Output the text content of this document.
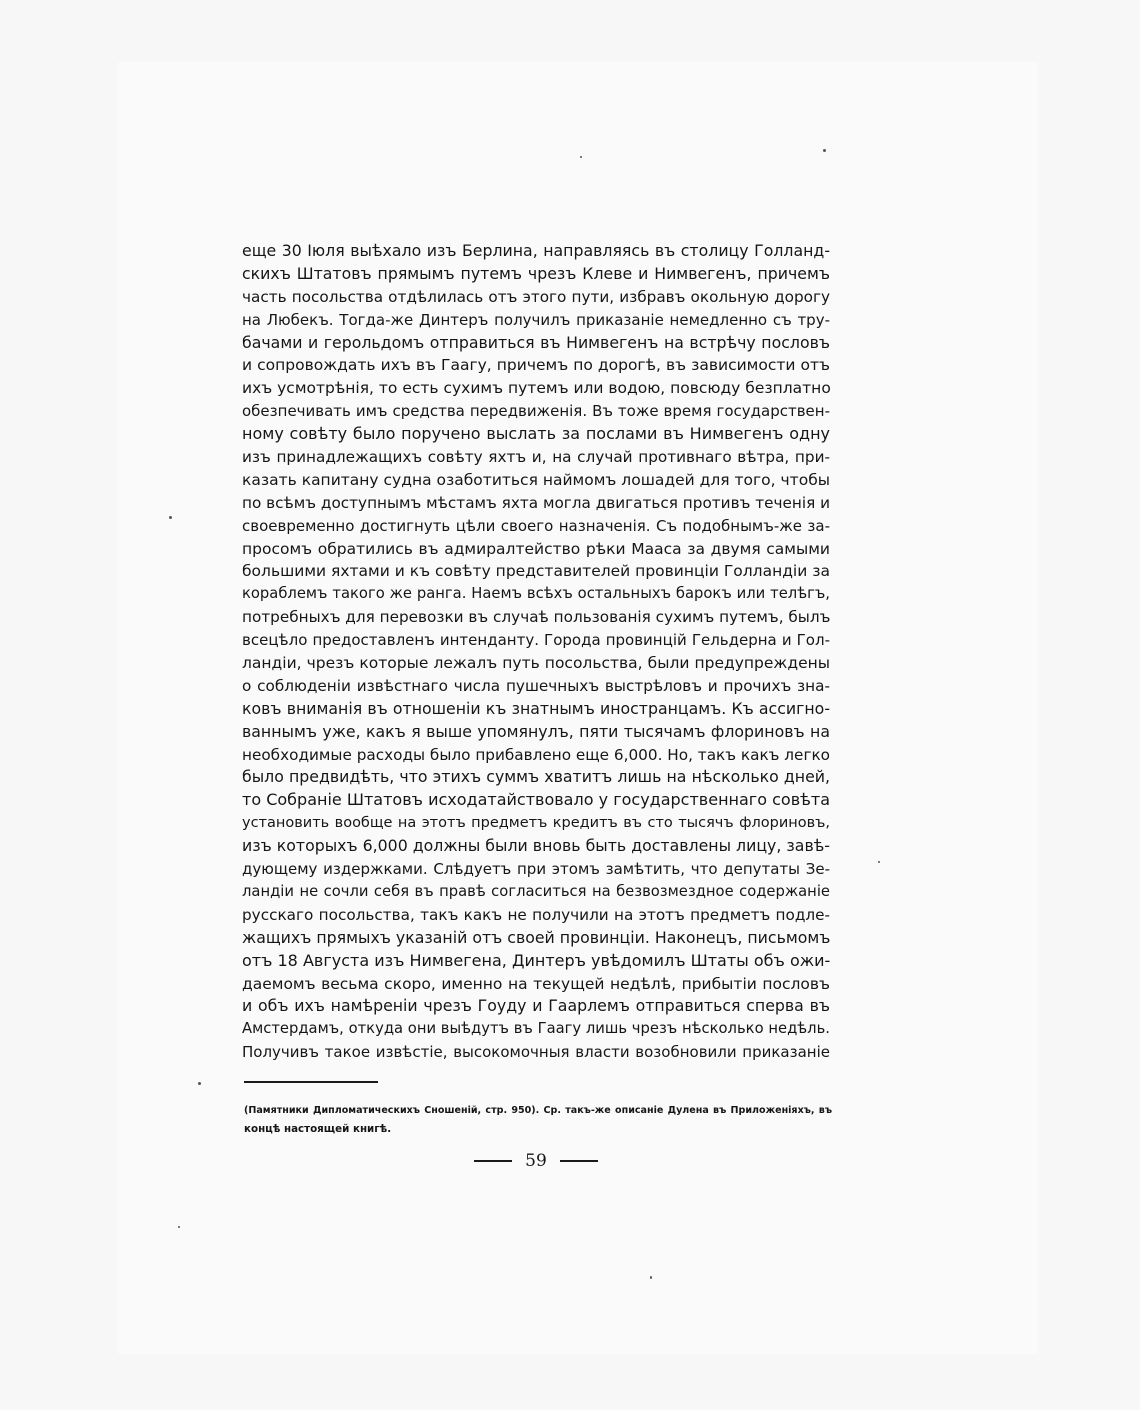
еще 30 Іюля выѣхало изъ Берлина, направляясь въ столицу Голланд-
скихъ Штатовъ прямымъ путемъ чрезъ Клеве и Нимвегенъ, причемъ
часть посольства отдѣлилась отъ этого пути, избравъ окольную дорогу
на Любекъ. Тогда-же Динтеръ получилъ приказаніе немедленно съ тру-
бачами и герольдомъ отправиться въ Нимвегенъ на встрѣчу пословъ
и сопровождать ихъ въ Гаагу, причемъ по дорогѣ, въ зависимости отъ
ихъ усмотрѣнія, то есть сухимъ путемъ или водою, повсюду безплатно
обезпечивать имъ средства передвиженія. Въ тоже время государствен-
ному совѣту было поручено выслать за послами въ Нимвегенъ одну
изъ принадлежащихъ совѣту яхтъ и, на случай противнаго вѣтра, при-
казать капитану судна озаботиться наймомъ лошадей для того, чтобы
по всѣмъ доступнымъ мѣстамъ яхта могла двигаться противъ теченія и
своевременно достигнуть цѣли своего назначенія. Съ подобнымъ-же за-
просомъ обратились въ адмиралтейство рѣки Мааса за двумя самыми
большими яхтами и къ совѣту представителей провинціи Голландіи за
кораблемъ такого же ранга. Наемъ всѣхъ остальныхъ барокъ или телѣгъ,
потребныхъ для перевозки въ случаѣ пользованія сухимъ путемъ, былъ
всецѣло предоставленъ интенданту. Города провинцій Гельдерна и Гол-
ландіи, чрезъ которые лежалъ путь посольства, были предупреждены
о соблюденіи извѣстнаго числа пушечныхъ выстрѣловъ и прочихъ зна-
ковъ вниманія въ отношеніи къ знатнымъ иностранцамъ. Къ ассигно-
ваннымъ уже, какъ я выше упомянулъ, пяти тысячамъ флориновъ на
необходимые расходы было прибавлено еще 6,000. Но, такъ какъ легко
было предвидѣть, что этихъ суммъ хватитъ лишь на нѣсколько дней,
то Собраніе Штатовъ исходатайствовало у государственнаго совѣта
установить вообще на этотъ предметъ кредитъ въ сто тысячъ флориновъ,
изъ которыхъ 6,000 должны были вновь быть доставлены лицу, завѣ-
дующему издержками. Слѣдуетъ при этомъ замѣтить, что депутаты Зе-
ландіи не сочли себя въ правѣ согласиться на безвозмездное содержаніе
русскаго посольства, такъ какъ не получили на этотъ предметъ подле-
жащихъ прямыхъ указаній отъ своей провинціи. Наконецъ, письмомъ
отъ 18 Августа изъ Нимвегена, Динтеръ увѣдомилъ Штаты объ ожи-
даемомъ весьма скоро, именно на текущей недѣлѣ, прибытіи пословъ
и объ ихъ намѣреніи чрезъ Гоуду и Гаарлемъ отправиться сперва въ
Амстердамъ, откуда они выѣдутъ въ Гаагу лишь чрезъ нѣсколько недѣль.
Получивъ такое извѣстіе, высокомочныя власти возобновили приказаніе
(Памятники Дипломатическихъ Сношеній, стр. 950). Ср. такъ-же описаніе Дулена въ Приложеніяхъ, въ
концѣ настоящей книгѣ.
59
